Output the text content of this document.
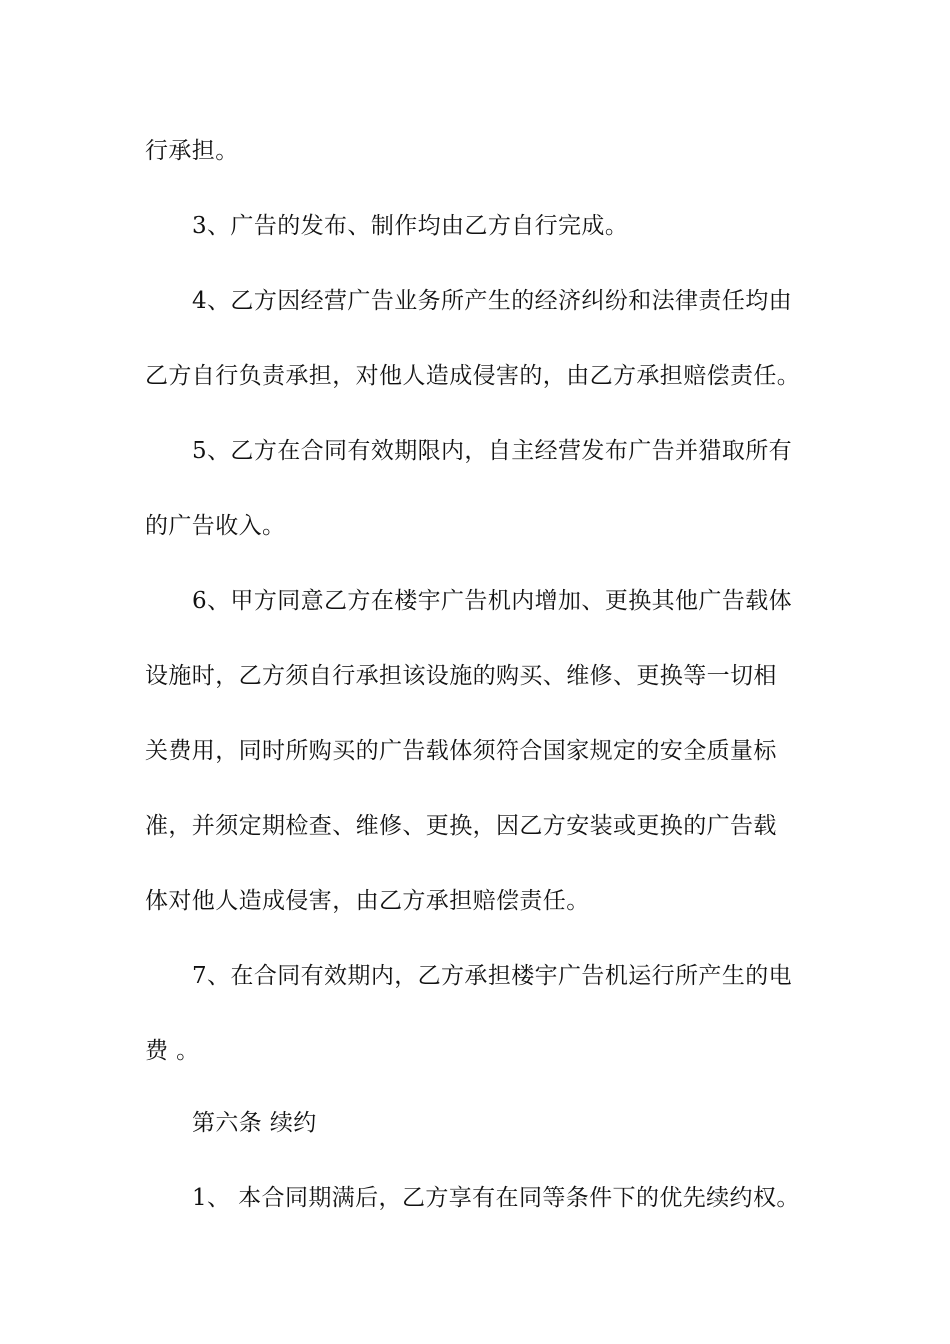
行承担。
3、广告的发布、制作均由乙方自行完成。
4、乙方因经营广告业务所产生的经济纠纷和法律责任均由
乙方自行负责承担，对他人造成侵害的，由乙方承担赔偿责任。
5、乙方在合同有效期限内，自主经营发布广告并猎取所有
的广告收入。
6、甲方同意乙方在楼宇广告机内增加、更换其他广告载体
设施时，乙方须自行承担该设施的购买、维修、更换等一切相
关费用，同时所购买的广告载体须符合国家规定的安全质量标
准，并须定期检查、维修、更换，因乙方安装或更换的广告载
体对他人造成侵害，由乙方承担赔偿责任。
7、在合同有效期内，乙方承担楼宇广告机运行所产生的电
费 。
第六条 续约
1、 本合同期满后，乙方享有在同等条件下的优先续约权。
